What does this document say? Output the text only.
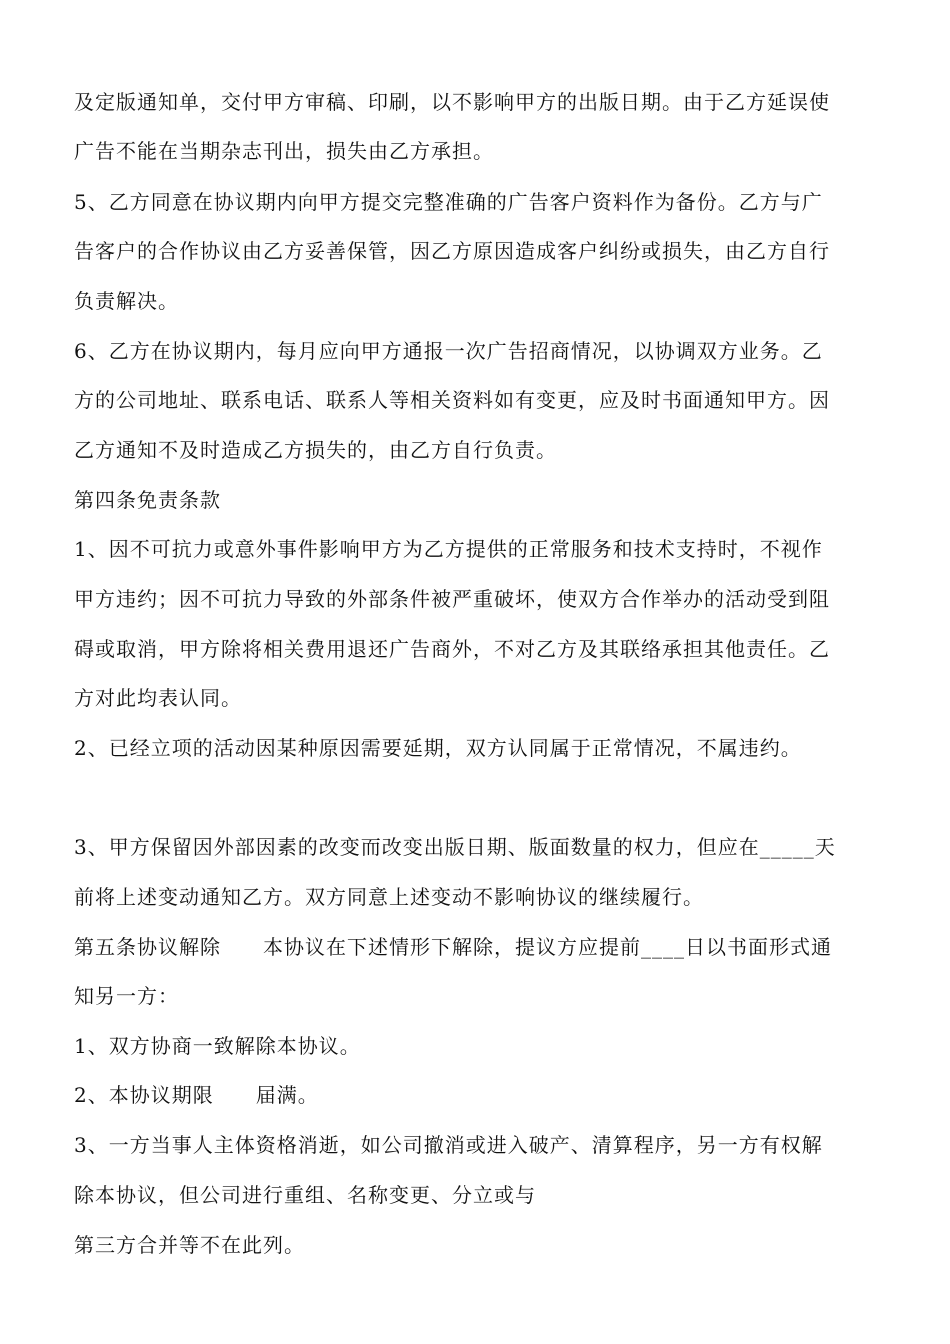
及定版通知单，交付甲方审稿、印刷，以不影响甲方的出版日期。由于乙方延误使

广告不能在当期杂志刊出，损失由乙方承担。

5、乙方同意在协议期内向甲方提交完整准确的广告客户资料作为备份。乙方与广

告客户的合作协议由乙方妥善保管，因乙方原因造成客户纠纷或损失，由乙方自行

负责解决。

6、乙方在协议期内，每月应向甲方通报一次广告招商情况，以协调双方业务。乙

方的公司地址、联系电话、联系人等相关资料如有变更，应及时书面通知甲方。因

乙方通知不及时造成乙方损失的，由乙方自行负责。

第四条免责条款

1、因不可抗力或意外事件影响甲方为乙方提供的正常服务和技术支持时，不视作

甲方违约；因不可抗力导致的外部条件被严重破坏，使双方合作举办的活动受到阻

碍或取消，甲方除将相关费用退还广告商外，不对乙方及其联络承担其他责任。乙

方对此均表认同。

2、已经立项的活动因某种原因需要延期，双方认同属于正常情况，不属违约。

3、甲方保留因外部因素的改变而改变出版日期、版面数量的权力，但应在_____天

前将上述变动通知乙方。双方同意上述变动不影响协议的继续履行。

第五条协议解除　　本协议在下述情形下解除，提议方应提前____日以书面形式通

知另一方：

1、双方协商一致解除本协议。

2、本协议期限　　届满。

3、一方当事人主体资格消逝，如公司撤消或进入破产、清算程序，另一方有权解

除本协议，但公司进行重组、名称变更、分立或与

第三方合并等不在此列。
